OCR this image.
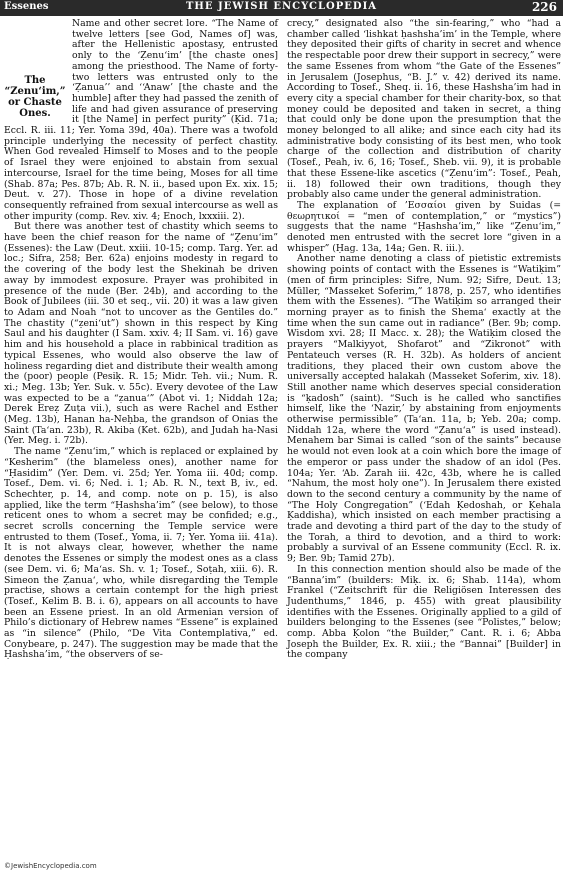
Essenes	THE JEWISH ENCYCLOPEDIA	226
The “Zenu‘im,” or Chaste Ones.

Name and other secret lore. “The Name of twelve letters [see God, Names of] was, after the Hellenistic apostasy, entrusted only to the ‘Ẓenu‘im’ [the chaste ones] among the priesthood. The Name of forty-two letters was entrusted only to the ‘Ẓanua’’ and ‘‘Anaw’ [the chaste and the humble] after they had passed the zenith of life and had given assurance of preserving it [the Name] in perfect purity” (Ḳid. 71a; Eccl. R. iii. 11; Yer. Yoma 39d, 40a). There was a twofold principle underlying the necessity of perfect chastity. When God revealed Himself to Moses and to the people of Israel they were enjoined to abstain from sexual intercourse, Israel for the time being, Moses for all time (Shab. 87a; Pes. 87b; Ab. R. N. ii., based upon Ex. xix. 15; Deut. v. 27). Those in hope of a divine revelation consequently refrained from sexual intercourse as well as other impurity (comp. Rev. xiv. 4; Enoch, lxxxiii. 2).

But there was another test of chastity which seems to have been the chief reason for the name of “Ẓenu‘im” (Essenes): the Law (Deut. xxiii. 10-15; comp. Targ. Yer. ad loc.; Sifra, 258; Ber. 62a) enjoins modesty in regard to the covering of the body lest the Shekinah be driven away by immodest exposure. Prayer was prohibited in presence of the nude (Ber. 24b), and according to the Book of Jubilees (iii. 30 et seq., vii. 20) it was a law given to Adam and Noah “not to uncover as the Gentiles do.” The chastity (“ẓeni‘ut”) shown in this respect by King Saul and his daughter (I Sam. xxiv. 4; II Sam. vi. 16) gave him and his household a place in rabbinical tradition as typical Essenes, who would also observe the law of holiness regarding diet and distribute their wealth among the (poor) people (Pesiḳ. R. 15; Midr. Teh. vii.; Num. R. xi.; Meg. 13b; Yer. Suk. v. 55c). Every devotee of the Law was expected to be a “ẓanua‘” (Abot vi. 1; Niddah 12a; Derek Ereẓ Zuṭa vii.), such as were Rachel and Esther (Meg. 13b), Hanan ha-Neḥba, the grandson of Onias the Saint (Ta‘an. 23b), R. Akiba (Ket. 62b), and Judah ha-Nasi (Yer. Meg. i. 72b).

The name “Ẓenu‘im,” which is replaced or explained by “Kesherim” (the blameless ones), another name for “Ḥasidim” (Yer. Dem. vi. 25d; Yer. Yoma iii. 40d; comp. Tosef., Dem. vi. 6; Ned. i. 1; Ab. R. N., text B, iv., ed. Schechter, p. 14, and comp. note on p. 15), is also applied, like the term “Ḥashsha’im” (see below), to those reticent ones to whom a secret may be confided; e.g., secret scrolls concerning the Temple service were entrusted to them (Tosef., Yoma, ii. 7; Yer. Yoma iii. 41a). It is not always clear, however, whether the name denotes the Essenes or simply the modest ones as a class (see Dem. vi. 6; Ma‘as. Sh. v. 1; Tosef., Soṭah, xiii. 6). R. Simeon the Ẓanua‘, who, while disregarding the Temple practise, shows a certain contempt for the high priest (Tosef., Kelim B. B. i. 6), appears on all accounts to have been an Essene priest. In an old Armenian version of Philo’s dictionary of Hebrew names “Essene” is explained as “in silence” (Philo, “De Vita Contemplativa,” ed. Conybeare, p. 247). The suggestion may be made that the Ḥashsha’im, “the observers of se-

crecy,” designated also “the sin-fearing,” who “had a chamber called ‘lishkat ḥashsha’im’ in the Temple, where they deposited their gifts of charity in secret and whence the respectable poor drew their support in secrecy,” were the same Essenes from whom “the Gate of the Essenes” in Jerusalem (Josephus, “B. J.” v. 42) derived its name. According to Tosef., Sheq. ii. 16, these Hashsha’im had in every city a special chamber for their charity-box, so that money could be deposited and taken in secret, a thing that could only be done upon the presumption that the money belonged to all alike; and since each city had its administrative body consisting of its best men, who took charge of the collection and distribution of charity (Tosef., Peah, iv. 6, 16; Tosef., Sheb. vii. 9), it is probable that these Essene-like ascetics (“Ẓenu‘im”: Tosef., Peah, ii. 18) followed their own traditions, though they probably also came under the general administration.

The explanation of ’Εσσαίοι given by Suidas (= θεωρητικοί = “men of contemplation,” or “mystics”) suggests that the name “Ḥashsha’im,” like “Ẓenu‘im,” denoted men entrusted with the secret lore “given in a whisper” (Ḥag. 13a, 14a; Gen. R. iii.).

Another name denoting a class of pietistic extremists showing points of contact with the Essenes is “Watiḳim” (men of firm principles: Sifre, Num. 92; Sifre, Deut. 13; Müller, “Masseket Soferim,” 1878, p. 257, who identifies them with the Essenes). “The Watiḳim so arranged their morning prayer as to finish the Shema‘ exactly at the time when the sun came out in radiance” (Ber. 9b; comp. Wisdom xvi. 28; II Macc. x. 28); the Watiḳim closed the prayers “Malkiyyot, Shofarot” and “Zikronot” with Pentateuch verses (R. H. 32b). As holders of ancient traditions, they placed their own custom above the universally accepted halakah (Masseket Soferim, xiv. 18). Still another name which deserves special consideration is “ḳadosh” (saint). “Such is he called who sanctifies himself, like the ‘Nazir,’ by abstaining from enjoyments otherwise permissible” (Ta‘an. 11a, b; Yeb. 20a; comp. Niddah 12a, where the word “Ẓanu‘a” is used instead). Menahem bar Simai is called “son of the saints” because he would not even look at a coin which bore the image of the emperor or pass under the shadow of an idol (Pes. 104a; Yer. ‘Ab. Zarah iii. 42c, 43b, where he is called “Nahum, the most holy one”). In Jerusalem there existed down to the second century a community by the name of “The Holy Congregation” (‘Edah Ḳedoshah, or Ḳehala Ḳaddisha), which insisted on each member practising a trade and devoting a third part of the day to the study of the Torah, a third to devotion, and a third to work: probably a survival of an Essene community (Eccl. R. ix. 9; Ber. 9b; Tamid 27b).

In this connection mention should also be made of the “Banna’im” (builders: Miḳ. ix. 6; Shab. 114a), whom Frankel (“Zeitschrift für die Religiösen Interessen des Judenthums,” 1846, p. 455) with great plausibility identifies with the Essenes. Originally applied to a gild of builders belonging to the Essenes (see “Polistes,” below; comp. Abba Ḳolon “the Builder,” Cant. R. i. 6; Abba Joseph the Builder, Ex. R. xiii.; the “Bannai” [Builder] in the company

©JewishEncyclopedia.com
